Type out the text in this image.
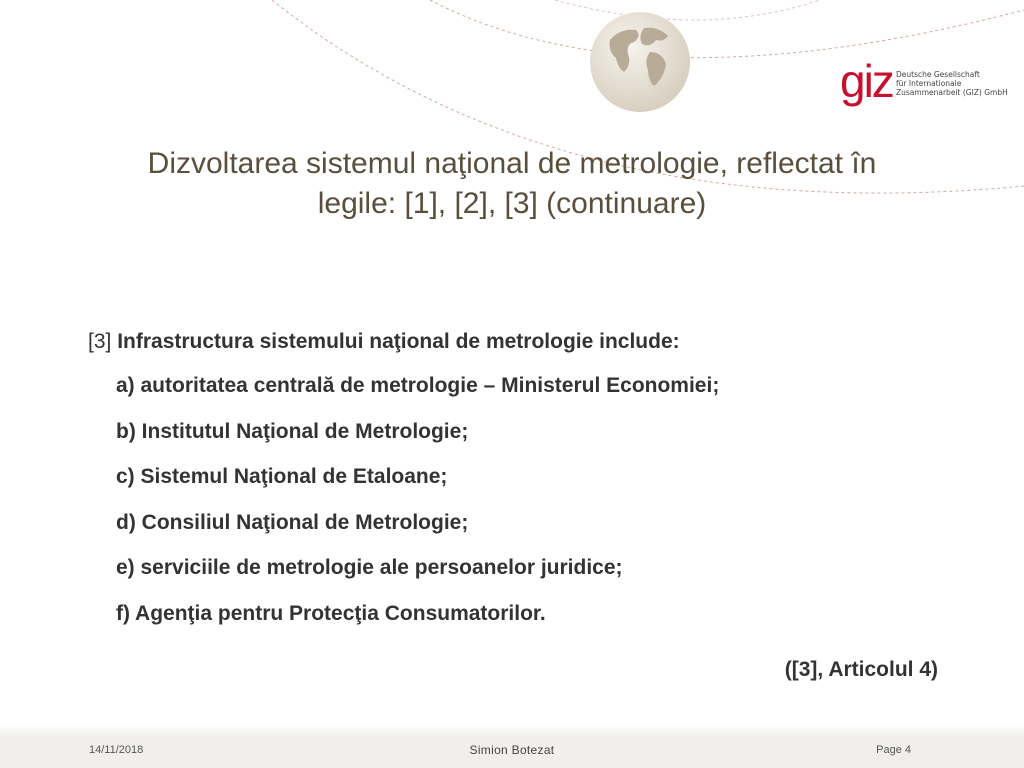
giz Deutsche Gesellschaft
für Internationale
Zusammenarbeit (GIZ) GmbH
Dizvoltarea sistemul naţional de metrologie, reflectat în
legile: [1], [2], [3] (continuare)
[3] Infrastructura sistemului naţional de metrologie include:
a) autoritatea centrală de metrologie – Ministerul Economiei;
b) Institutul Naţional de Metrologie;
c) Sistemul Naţional de Etaloane;
d) Consiliul Naţional de Metrologie;
e) serviciile de metrologie ale persoanelor juridice;
f) Agenţia pentru Protecţia Consumatorilor.
([3], Articolul 4)
14/11/2018	Simion Botezat	Page 4
